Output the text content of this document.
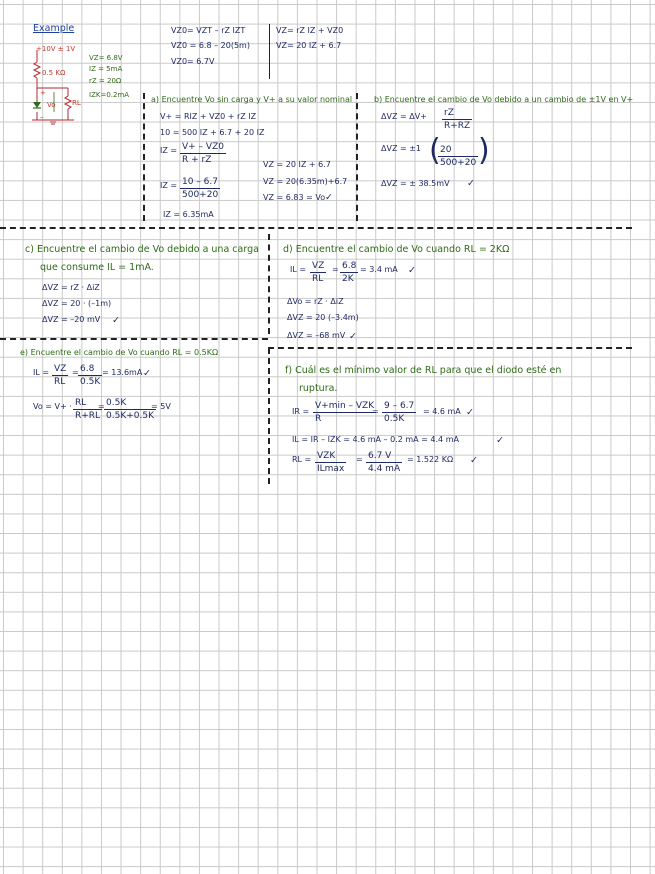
Example
+10V ± 1V
0.5 KΩ
+
Vo RL
–
VZ= 6.8V
IZ = 5mA
rZ = 20Ω
IZK=0.2mA
VZ0= VZT – rZ IZT
VZ0 = 6.8 – 20(5m)
VZ0= 6.7V
VZ= rZ IZ + VZ0
VZ= 20 IZ + 6.7
a) Encuentre Vo sin carga y V+ a su valor nominal
V+ = RIZ + VZ0 + rZ IZ
10 = 500 IZ + 6.7 + 20 IZ
IZ = $\frac{V+ - VZ0}{R + rZ}$
IZ = $\frac{10 - 6.7}{500+20}$
IZ = 6.35mA
VZ = 20 IZ + 6.7
VZ = 20(6.35m)+6.7
VZ = 6.83 = Vo ✓
b) Encuentre el cambio de Vo debido a un cambio de ±1V en V+
$\Delta VZ = \Delta V+ \frac{rZ}{R+RZ}$
ΔVZ = ±1 (
$\frac{20}{500+20}$ )
ΔVZ = ± 38.5mV ✓
c) Encuentre el cambio de Vo debido a una carga
que consume IL = 1mA.
ΔVZ = rZ · ΔiZ
ΔVZ = 20 · (–1m)
ΔVZ = –20 mV ✓
d) Encuentre el cambio de Vo cuando RL = 2KΩ
IL = $\frac{VZ}{RL} = \frac{6.8}{2K} = 3.4$ mA ✓
ΔVo = rZ · ΔiZ
ΔVZ = 20 (–3.4m)
ΔVZ = –68 mV ✓
e) Encuentre el cambio de Vo cuando RL = 0.5KΩ
IL = $\frac{VZ}{RL} = \frac{6.8}{0.5K} = 13.6mA$ ✓
$Vo = V+ \cdot \frac{RL}{R+RL}$
= $\frac{0.5K}{0.5K+0.5K}$
= 5V
f) Cuál es el mínimo valor de RL para que el diodo esté en
ruptura.
IR =
V+min – VZK
R
= $\frac{9 - 6.7}{0.5K} = 4.6$ mA ✓
IL = IR – IZK = 4.6 mA – 0.2 mA = 4.4 mA	✓
RL = VZK
ILmax
= $\frac{6.7 V}{4.4 mA} = 1.522$ KΩ ✓
